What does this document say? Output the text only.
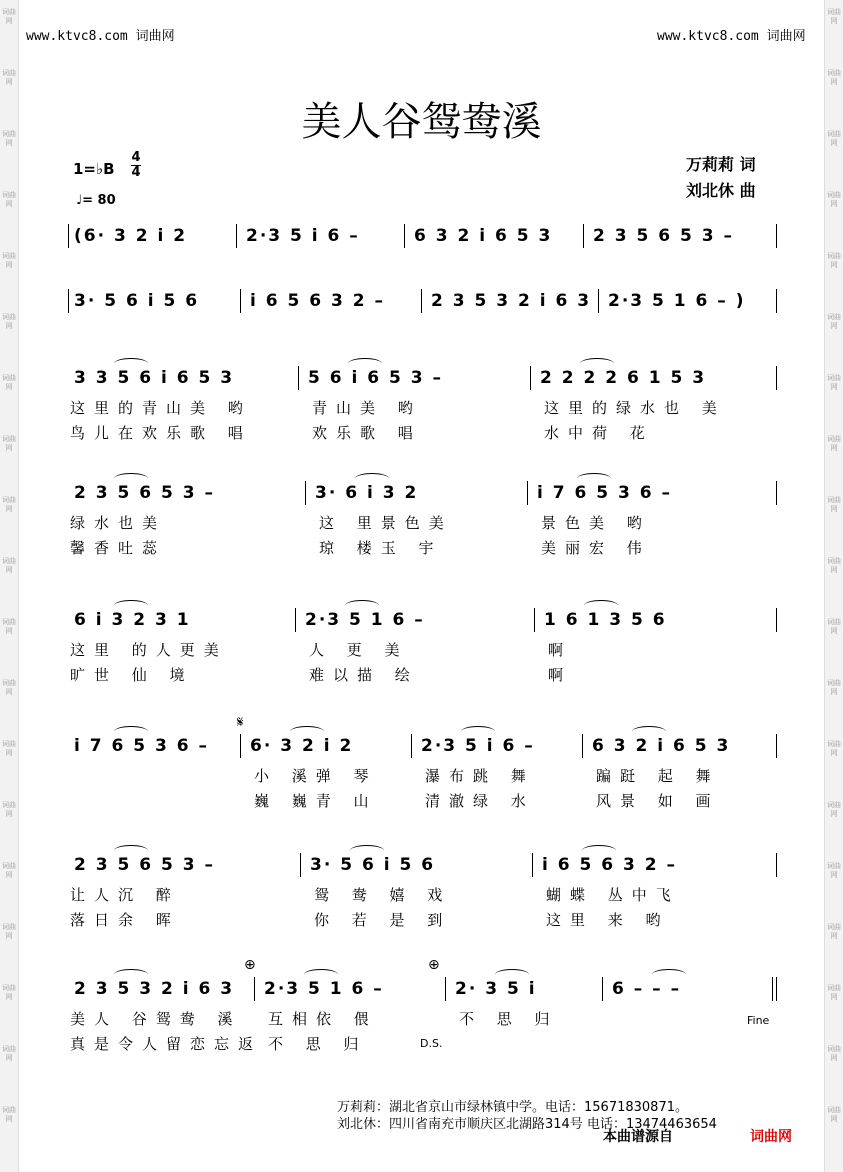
词曲网
词曲网
词曲网
词曲网
词曲网
词曲网
词曲网
词曲网
词曲网
词曲网
词曲网
词曲网
词曲网
词曲网
词曲网
词曲网
词曲网
词曲网
词曲网
词曲网
词曲网
词曲网
词曲网
词曲网
词曲网
词曲网
词曲网
词曲网
词曲网
词曲网
词曲网
词曲网
词曲网
词曲网
词曲网
词曲网
词曲网
词曲网
www.ktvc8.com 词曲网	www.ktvc8.com 词曲网
美人谷鸳鸯溪
1=♭B
4
4
♩= 80
万莉莉 词
刘北休 曲
(6· 3 2 i 2	2·3 5 i 6 –	6 3 2 i 6 5 3 2 3 5 6 5 3 –
3· 5 6 i 5 6	i 6 5 6 3 2 –	2 3 5 3 2 i 6 3 2·3 5 1 6 – )
3 3 5 6 i 6 5 3	5 6 i 6 5 3 –	2 2 2 2 6 1 5 3
这里的青山美 哟	青山美 哟	这里的绿水也 美
鸟儿在欢乐歌 唱	欢乐歌 唱	水中荷 花
2 3 5 6 5 3 –	3· 6 i 3 2	i 7 6 5 3 6 –
绿水也美	这 里景色美	景色美 哟
馨香吐蕊	琼 楼玉 宇	美丽宏 伟
6 i 3 2 3 1	2·3 5 1 6 –	1 6 1 3 5 6
这里 的人更美	人 更 美	啊
旷世 仙 境	难以描 绘	啊
i 7 6 5 3 6 – 6· 3 2 i 2	2·3 5 i 6 –	6 3 2 i 6 5 3
小 溪弹 琴	瀑布跳 舞	蹁跹 起 舞
巍 巍青 山	清澈绿 水	风景 如 画
2 3 5 6 5 3 –	3· 5 6 i 5 6	i 6 5 6 3 2 –
让人沉 醉	鸳 鸯 嬉 戏	蝴蝶 丛中飞
落日余 晖	你 若 是 到	这里 来 哟
2 3 5 3 2 i 6 3 2·3 5 1 6 –	2· 3 5 i	6 – – –
美人 谷鸳鸯 溪 互相依 偎	不 思 归
真是令人留恋忘返 不 思 归
𝄋
⊕	⊕
D.S.
Fine
万莉莉：湖北省京山市绿林镇中学。电话：15671830871。
刘北休：四川省南充市顺庆区北湖路314号 电话：13474463654
本曲谱源自	词曲网
